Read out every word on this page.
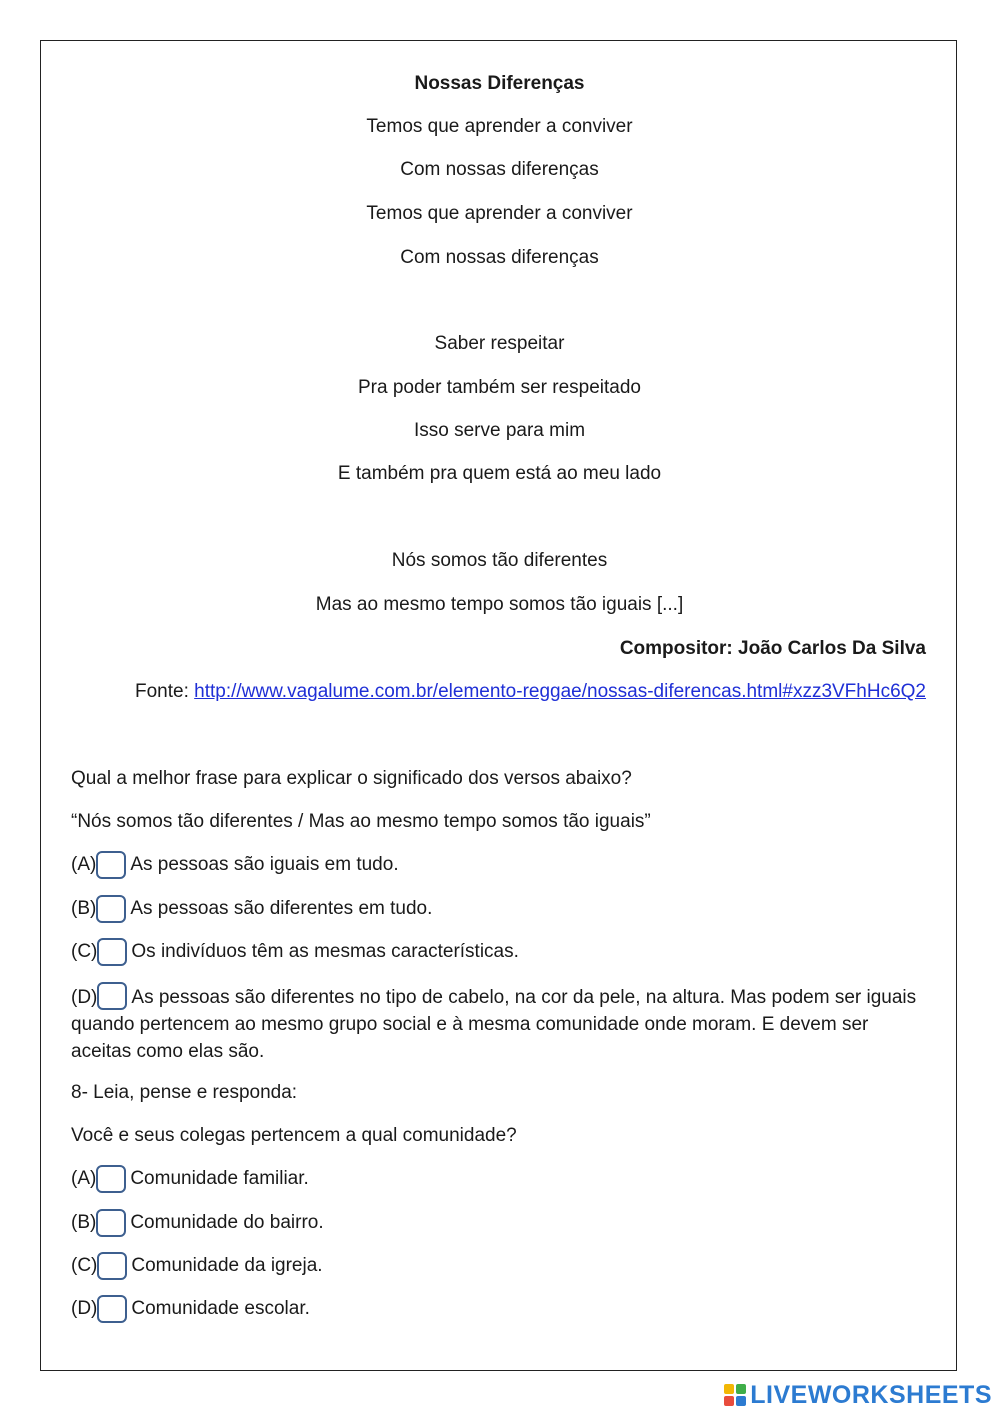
Nossas Diferenças
Temos que aprender a conviver
Com nossas diferenças
Temos que aprender a conviver
Com nossas diferenças
Saber respeitar
Pra poder também ser respeitado
Isso serve para mim
E também pra quem está ao meu lado
Nós somos tão diferentes
Mas ao mesmo tempo somos tão iguais [...]
Compositor: João Carlos Da Silva
Fonte: http://www.vagalume.com.br/elemento-reggae/nossas-diferencas.html#xzz3VFhHc6Q2
Qual a melhor frase para explicar o significado dos versos abaixo?
“Nós somos tão diferentes / Mas ao mesmo tempo somos tão iguais”
(A) As pessoas são iguais em tudo.
(B) As pessoas são diferentes em tudo.
(C) Os indivíduos têm as mesmas características.
(D) As pessoas são diferentes no tipo de cabelo, na cor da pele, na altura. Mas podem ser iguais quando pertencem ao mesmo grupo social e à mesma comunidade onde moram. E devem ser aceitas como elas são.
8- Leia, pense e responda:
Você e seus colegas pertencem a qual comunidade?
(A) Comunidade familiar.
(B) Comunidade do bairro.
(C) Comunidade da igreja.
(D) Comunidade escolar.
LIVEWORKSHEETS
